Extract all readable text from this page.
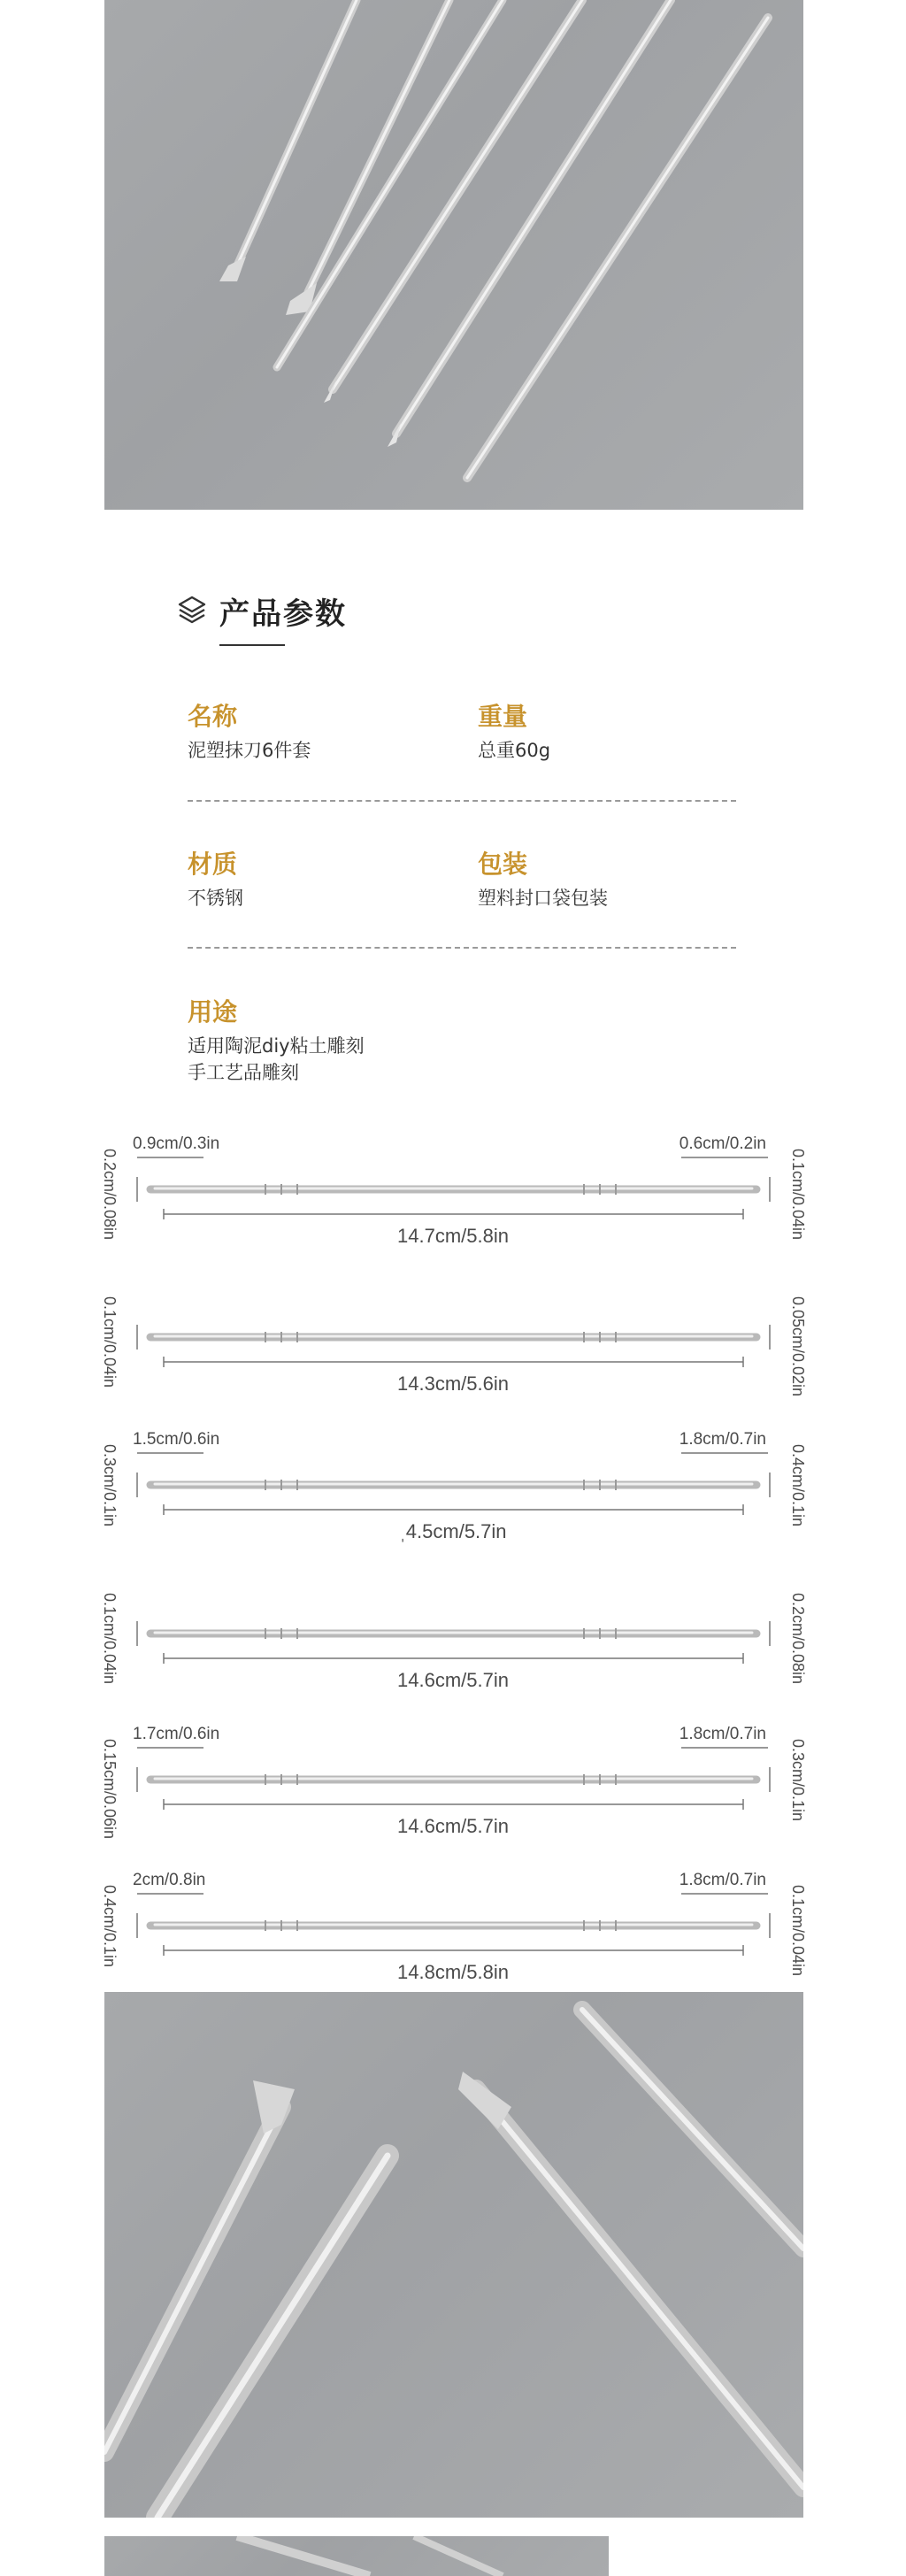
产品参数
名称
泥塑抹刀6件套
重量
总重60g
材质
不锈钢
包装
塑料封口袋包装
用途
适用陶泥diy粘土雕刻
手工艺品雕刻
14.7cm/5.8in
0.2cm/0.08in	0.1cm/0.04in
0.9cm/0.3in	0.6cm/0.2in
14.3cm/5.6in
0.1cm/0.04in	0.05cm/0.02in
ˌ4.5cm/5.7in
0.3cm/0.1in	0.4cm/0.1in
1.5cm/0.6in	1.8cm/0.7in
14.6cm/5.7in
0.1cm/0.04in	0.2cm/0.08in
14.6cm/5.7in
0.15cm/0.06in	0.3cm/0.1in
1.7cm/0.6in	1.8cm/0.7in
14.8cm/5.8in
0.4cm/0.1in	0.1cm/0.04in
2cm/0.8in	1.8cm/0.7in
